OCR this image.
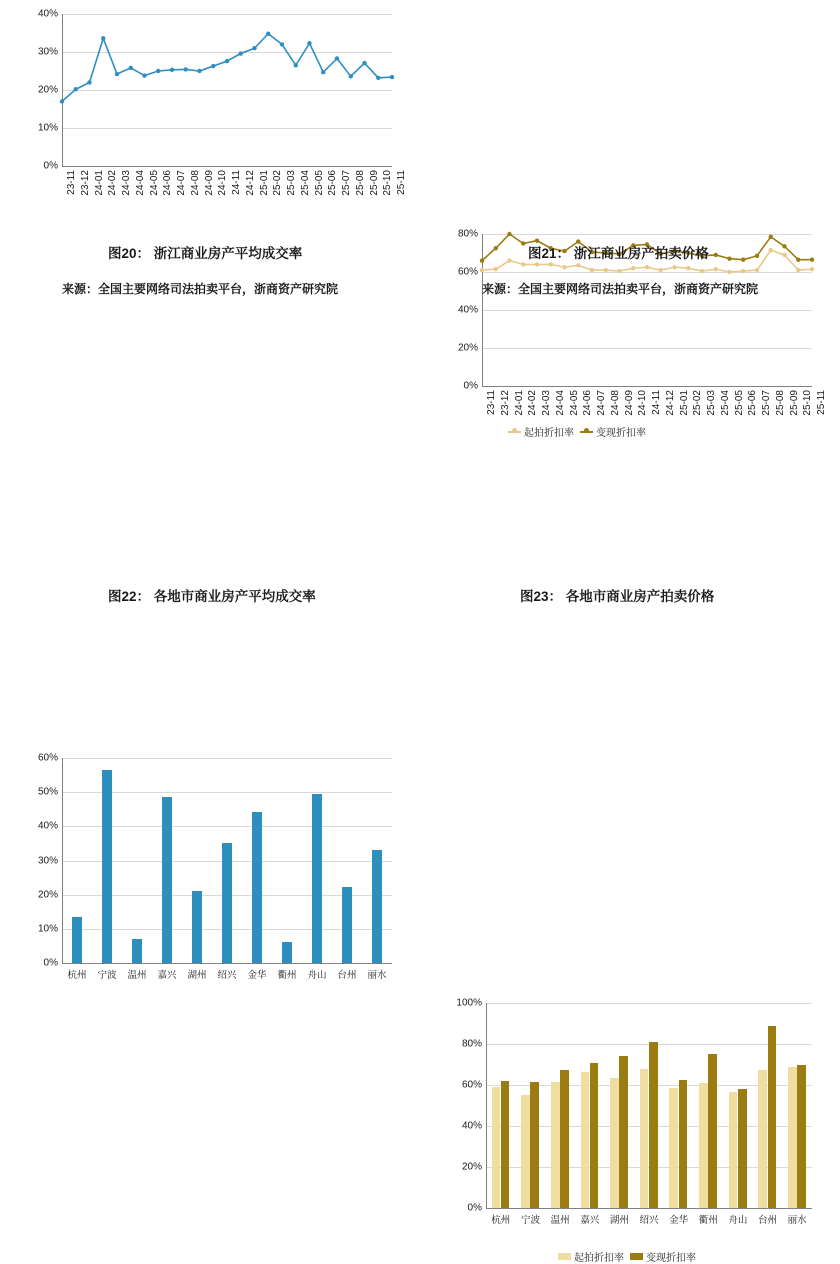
0%
10%
20%
30%
40%
23-11 23-12 24-01 24-02 24-03 24-04 24-05 24-06 24-07 24-08 24-09 24-10 24-11 24-12 25-01 25-02 25-03 25-04 25-05 25-06 25-07 25-08 25-09 25-10 25-11
图20： 浙江商业房产平均成交率
来源：全国主要网络司法拍卖平台，浙商资产研究院
0%
20%
40%
60%
80%
23-11 23-12 24-01 24-02 24-03 24-04 24-05 24-06 24-07 24-08 24-09 24-10 24-11 24-12 25-01 25-02 25-03 25-04 25-05 25-06 25-07 25-08 25-09 25-10 25-11
起拍折扣率 变现折扣率
图21： 浙江商业房产拍卖价格
来源：全国主要网络司法拍卖平台，浙商资产研究院
0%
10%
20%
30%
40%
50%
60%
杭州 宁波 温州 嘉兴 湖州 绍兴 金华 衢州 舟山 台州 丽水
图22： 各地市商业房产平均成交率
0%
20%
40%
60%
80%
100%
杭州 宁波 温州 嘉兴 湖州 绍兴 金华 衢州 舟山 台州 丽水
起拍折扣率 变现折扣率
图23： 各地市商业房产拍卖价格
